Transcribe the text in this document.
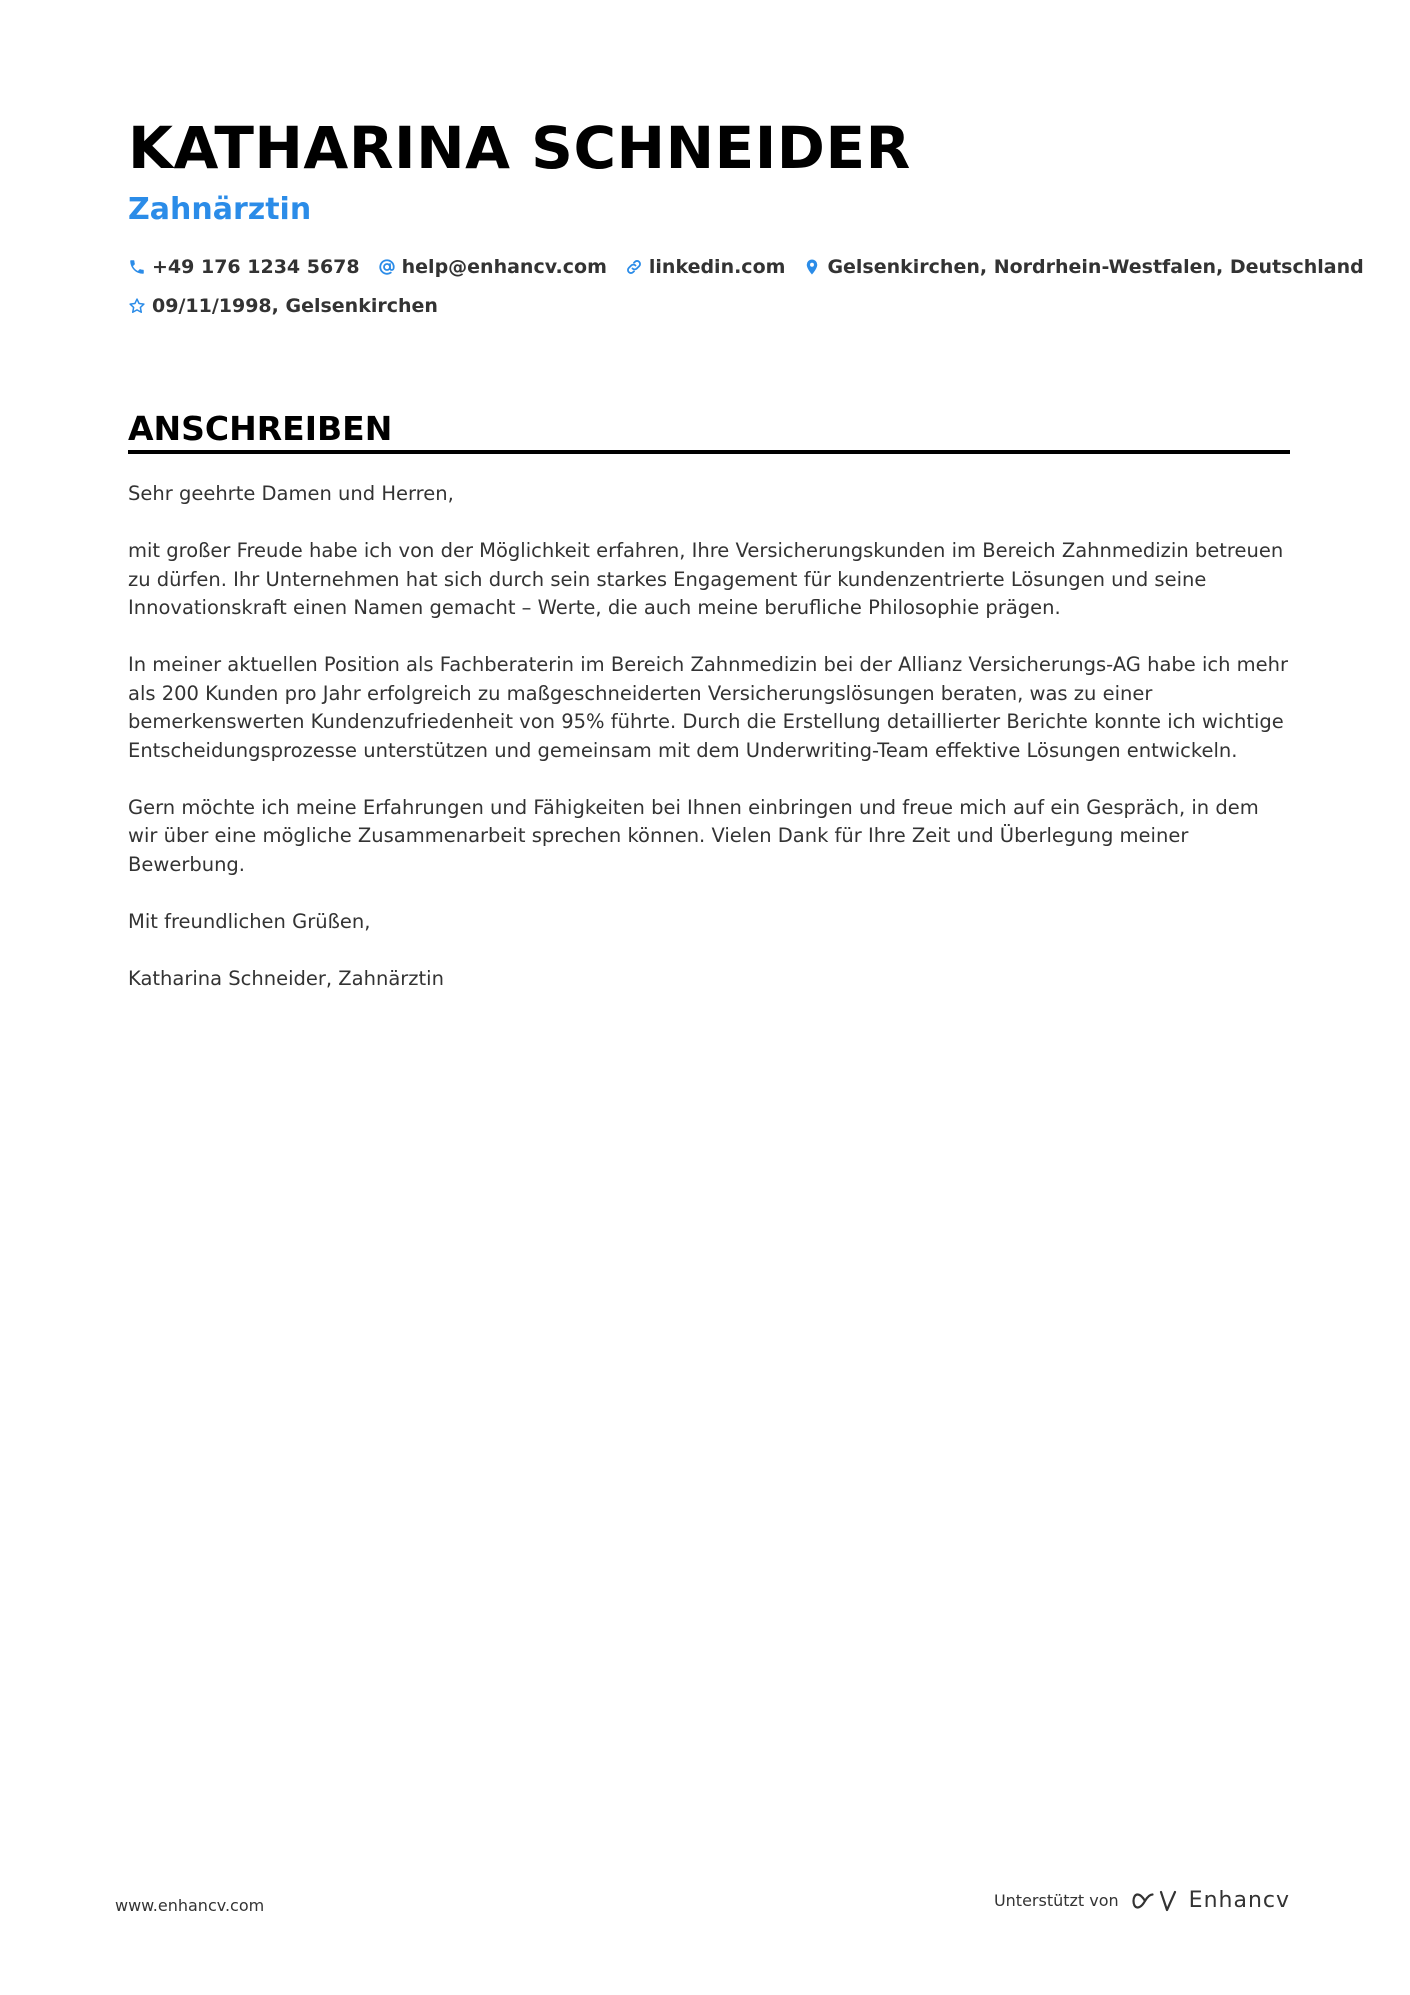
KATHARINA SCHNEIDER
Zahnärztin
+49 176 1234 5678 help@enhancv.com linkedin.com Gelsenkirchen, Nordrhein-Westfalen, Deutschland
09/11/1998, Gelsenkirchen
ANSCHREIBEN

Sehr geehrte Damen und Herren,

mit großer Freude habe ich von der Möglichkeit erfahren, Ihre Versicherungskunden im Bereich Zahnmedizin betreuen zu dürfen. Ihr Unternehmen hat sich durch sein starkes Engagement für kundenzentrierte Lösungen und seine Innovationskraft einen Namen gemacht – Werte, die auch meine berufliche Philosophie prägen.

In meiner aktuellen Position als Fachberaterin im Bereich Zahnmedizin bei der Allianz Versicherungs-AG habe ich mehr als 200 Kunden pro Jahr erfolgreich zu maßgeschneiderten Versicherungslösungen beraten, was zu einer bemerkenswerten Kundenzufriedenheit von 95% führte. Durch die Erstellung detaillierter Berichte konnte ich wichtige Entscheidungsprozesse unterstützen und gemeinsam mit dem Underwriting-Team effektive Lösungen entwickeln.

Gern möchte ich meine Erfahrungen und Fähigkeiten bei Ihnen einbringen und freue mich auf ein Gespräch, in dem wir über eine mögliche Zusammenarbeit sprechen können. Vielen Dank für Ihre Zeit und Überlegung meiner Bewerbung.

Mit freundlichen Grüßen,

Katharina Schneider, Zahnärztin

www.enhancv.com	Unterstützt von	Enhancv
